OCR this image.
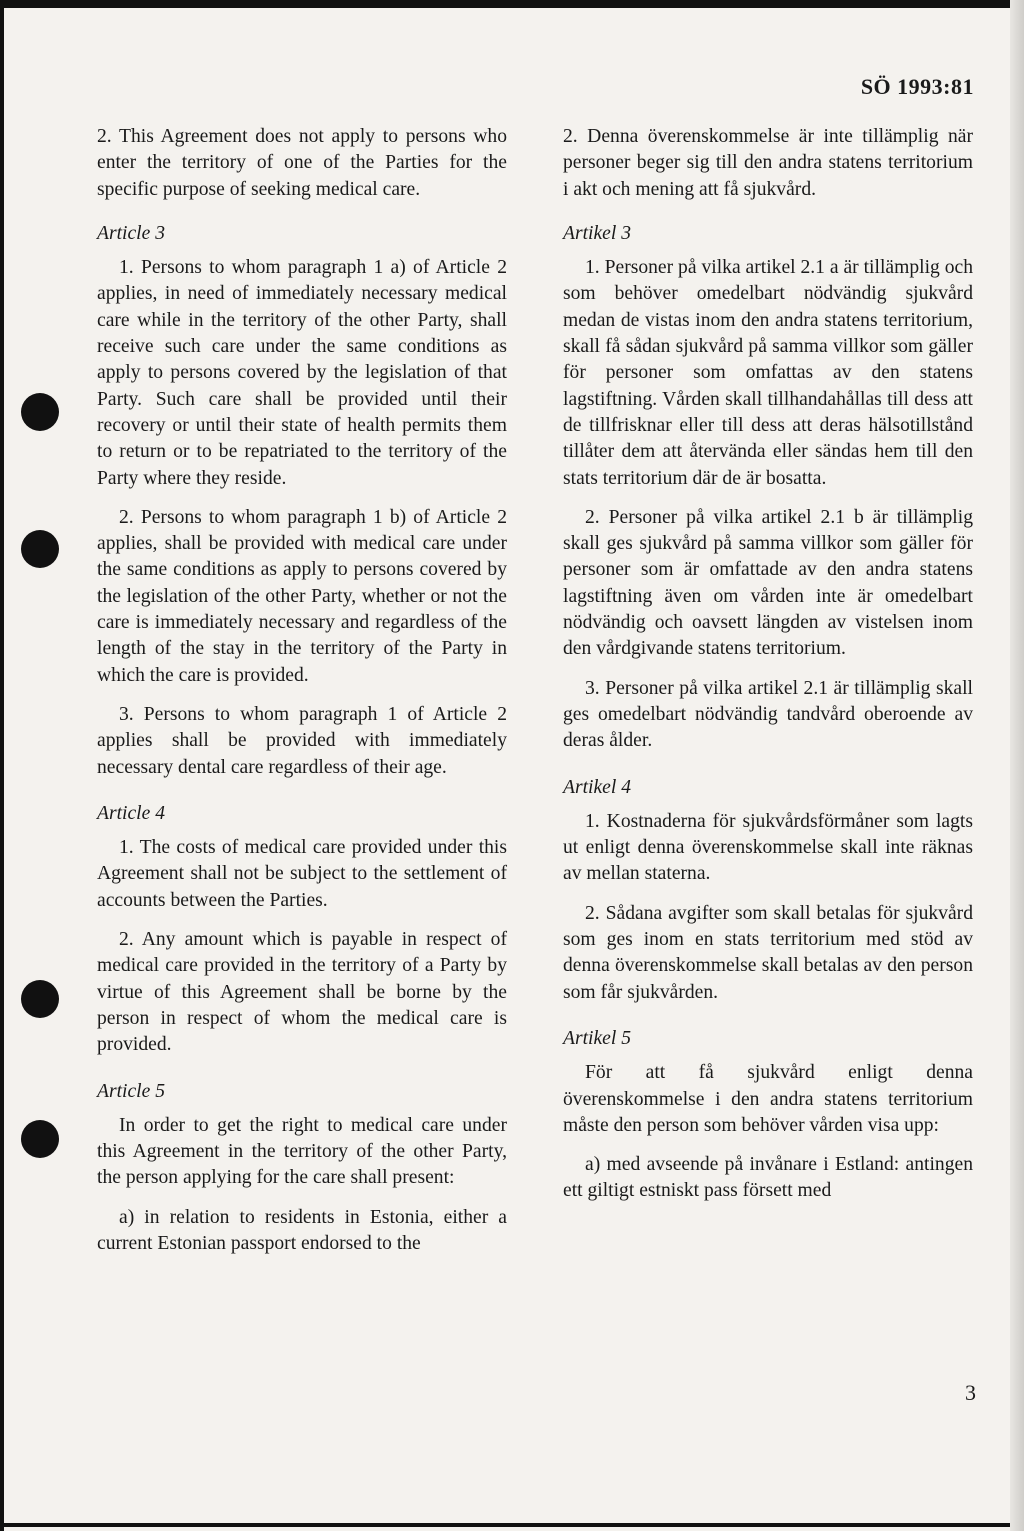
SÖ 1993:81

2. This Agreement does not apply to persons who enter the territory of one of the Parties for the specific purpose of seeking medical care.

Article 3

1. Persons to whom paragraph 1 a) of Article 2 applies, in need of immediately necessary medical care while in the territory of the other Party, shall receive such care under the same conditions as apply to persons covered by the legislation of that Party. Such care shall be provided until their recovery or until their state of health permits them to return or to be repatriated to the territory of the Party where they reside.

2. Persons to whom paragraph 1 b) of Article 2 applies, shall be provided with medical care under the same conditions as apply to persons covered by the legislation of the other Party, whether or not the care is immediately necessary and regardless of the length of the stay in the territory of the Party in which the care is provided.

3. Persons to whom paragraph 1 of Article 2 applies shall be provided with immediately necessary dental care regardless of their age.

Article 4

1. The costs of medical care provided under this Agreement shall not be subject to the settlement of accounts between the Parties.

2. Any amount which is payable in respect of medical care provided in the territory of a Party by virtue of this Agreement shall be borne by the person in respect of whom the medical care is provided.

Article 5

In order to get the right to medical care under this Agreement in the territory of the other Party, the person applying for the care shall present:

a) in relation to residents in Estonia, either a current Estonian passport endorsed to the

2. Denna överenskommelse är inte tillämplig när personer beger sig till den andra statens territorium i akt och mening att få sjukvård.

Artikel 3

1. Personer på vilka artikel 2.1 a är tillämplig och som behöver omedelbart nödvändig sjukvård medan de vistas inom den andra statens territorium, skall få sådan sjukvård på samma villkor som gäller för personer som omfattas av den statens lagstiftning. Vården skall tillhandahållas till dess att de tillfrisknar eller till dess att deras hälsotillstånd tillåter dem att återvända eller sändas hem till den stats territorium där de är bosatta.

2. Personer på vilka artikel 2.1 b är tillämplig skall ges sjukvård på samma villkor som gäller för personer som är omfattade av den andra statens lagstiftning även om vården inte är omedelbart nödvändig och oavsett längden av vistelsen inom den vårdgivande statens territorium.

3. Personer på vilka artikel 2.1 är tillämplig skall ges omedelbart nödvändig tandvård oberoende av deras ålder.

Artikel 4

1. Kostnaderna för sjukvårdsförmåner som lagts ut enligt denna överenskommelse skall inte räknas av mellan staterna.

2. Sådana avgifter som skall betalas för sjukvård som ges inom en stats territorium med stöd av denna överenskommelse skall betalas av den person som får sjukvården.

Artikel 5

För att få sjukvård enligt denna överenskommelse i den andra statens territorium måste den person som behöver vården visa upp:

a) med avseende på invånare i Estland: antingen ett giltigt estniskt pass försett med

3
